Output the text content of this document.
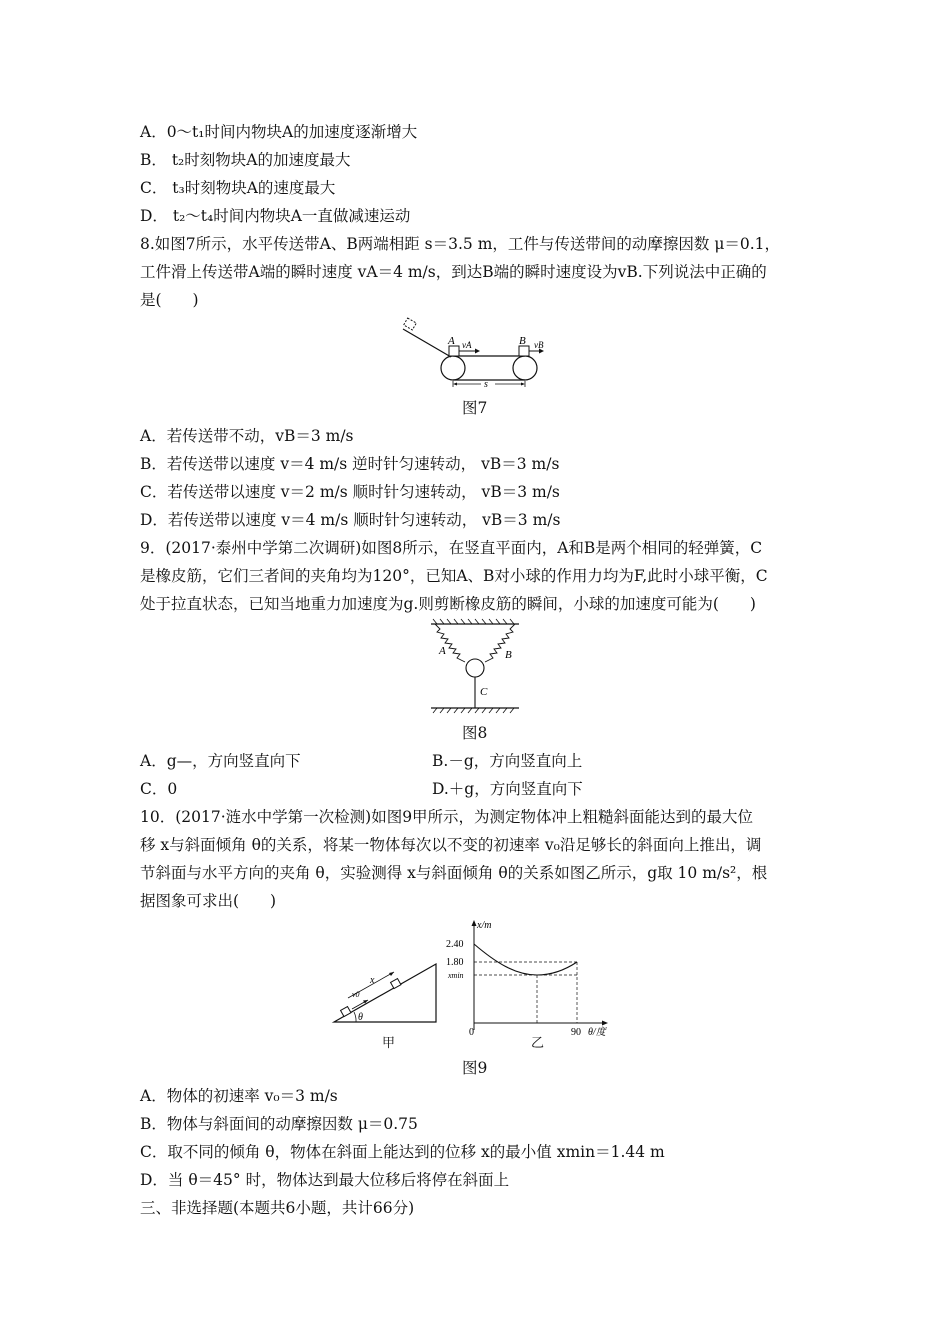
A．0～t₁时间内物块A的加速度逐渐增大
B． t₂时刻物块A的加速度最大
C． t₃时刻物块A的速度最大
D． t₂～t₄时间内物块A一直做减速运动
8.如图7所示，水平传送带A、B两端相距 s＝3.5 m，工件与传送带间的动摩擦因数 μ＝0.1，
工件滑上传送带A端的瞬时速度 vA＝4 m/s，到达B端的瞬时速度设为vB.下列说法中正确的
是(　　)
A vA	B vB
s
图7
A．若传送带不动，vB＝3 m/s
B．若传送带以速度 v＝4 m/s 逆时针匀速转动， vB＝3 m/s
C．若传送带以速度 v＝2 m/s 顺时针匀速转动， vB＝3 m/s
D．若传送带以速度 v＝4 m/s 顺时针匀速转动， vB＝3 m/s
9．(2017·泰州中学第二次调研)如图8所示，在竖直平面内，A和B是两个相同的轻弹簧，C
是橡皮筋，它们三者间的夹角均为120°，已知A、B对小球的作用力均为F,此时小球平衡，C
处于拉直状态，已知当地重力加速度为g.则剪断橡皮筋的瞬间，小球的加速度可能为(　　)
A	B
C
图8
A．g—，方向竖直向下	B.－g，方向竖直向上
C．0	D.＋g，方向竖直向下
10．(2017·涟水中学第一次检测)如图9甲所示，为测定物体冲上粗糙斜面能达到的最大位
移 x与斜面倾角 θ的关系，将某一物体每次以不变的初速率 v₀沿足够长的斜面向上推出，调
节斜面与水平方向的夹角 θ，实验测得 x与斜面倾角 θ的关系如图乙所示，g取 10 m/s²，根
据图象可求出(　　)
x
v0
θ
甲
x/m
2.40
1.80
xmin
0	90 θ/度
乙
图9
A．物体的初速率 v₀＝3 m/s
B．物体与斜面间的动摩擦因数 μ＝0.75
C．取不同的倾角 θ，物体在斜面上能达到的位移 x的最小值 xmin＝1.44 m
D．当 θ＝45° 时，物体达到最大位移后将停在斜面上
三、非选择题(本题共6小题，共计66分)
